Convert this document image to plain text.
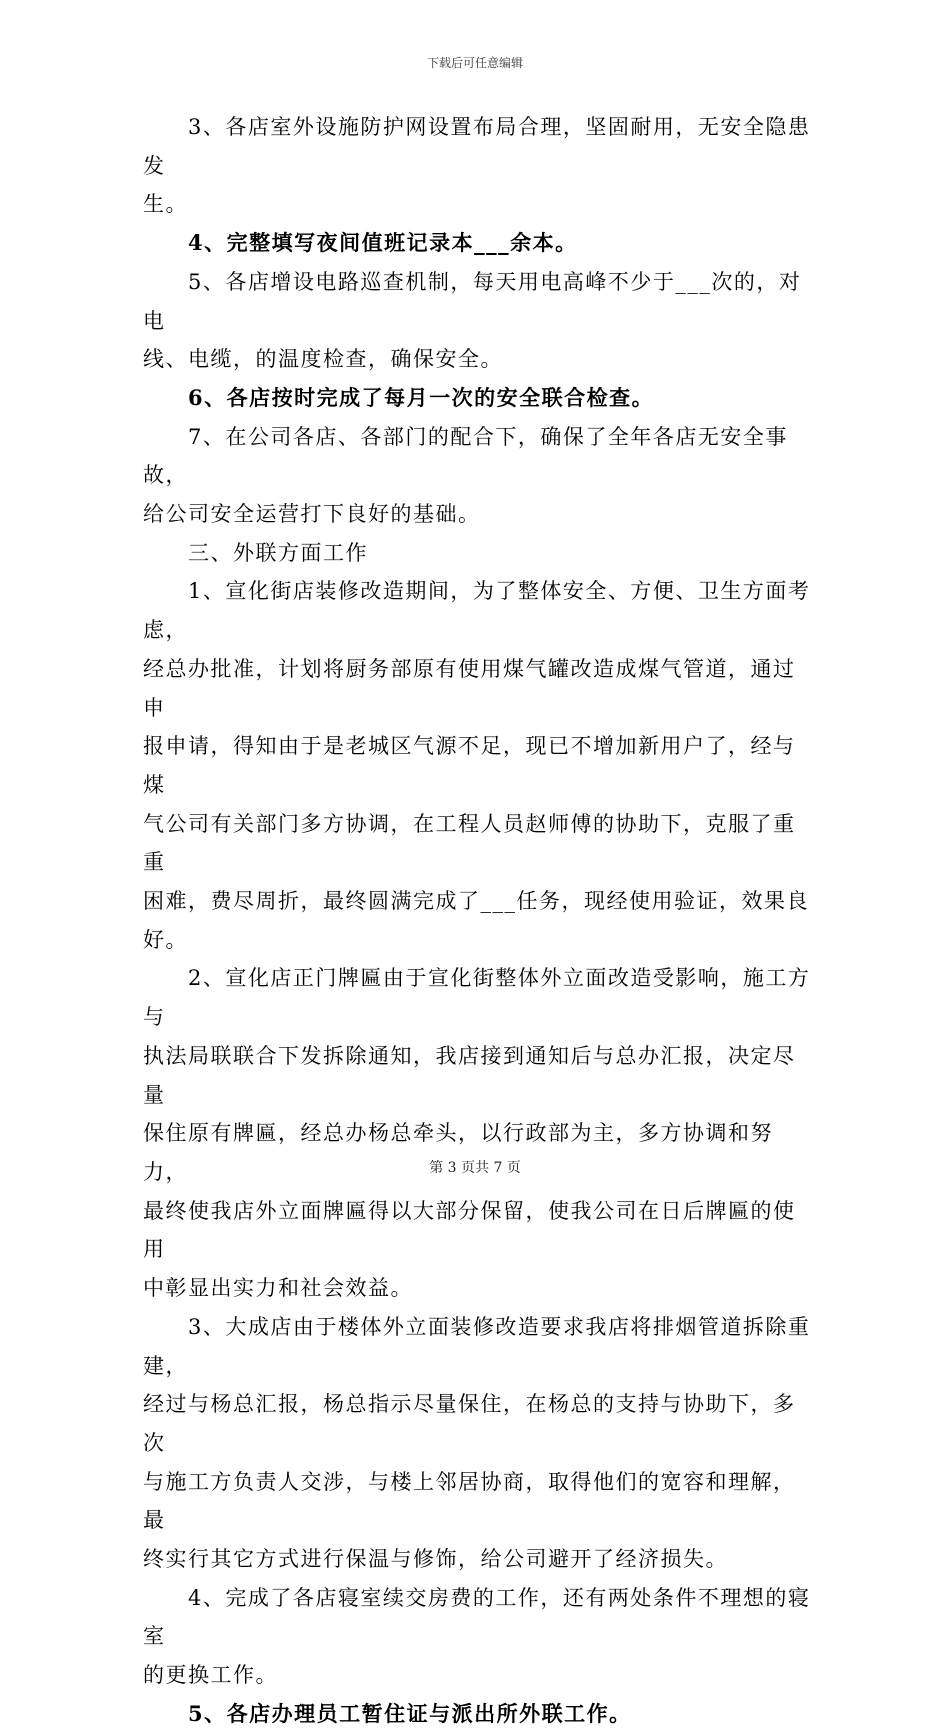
下载后可任意编辑
3、各店室外设施防护网设置布局合理，坚固耐用，无安全隐患发
生。
4、完整填写夜间值班记录本___余本。
5、各店增设电路巡查机制，每天用电高峰不少于___次的，对电
线、电缆，的温度检查，确保安全。
6、各店按时完成了每月一次的安全联合检查。
7、在公司各店、各部门的配合下，确保了全年各店无安全事故，
给公司安全运营打下良好的基础。
三、外联方面工作
1、宣化街店装修改造期间，为了整体安全、方便、卫生方面考虑，
经总办批准，计划将厨务部原有使用煤气罐改造成煤气管道，通过申
报申请，得知由于是老城区气源不足，现已不增加新用户了，经与煤
气公司有关部门多方协调，在工程人员赵师傅的协助下，克服了重重
困难，费尽周折，最终圆满完成了___任务，现经使用验证，效果良好。
2、宣化店正门牌匾由于宣化街整体外立面改造受影响，施工方与
执法局联联合下发拆除通知，我店接到通知后与总办汇报，决定尽量
保住原有牌匾，经总办杨总牵头，以行政部为主，多方协调和努力，
最终使我店外立面牌匾得以大部分保留，使我公司在日后牌匾的使用
中彰显出实力和社会效益。
3、大成店由于楼体外立面装修改造要求我店将排烟管道拆除重建，
经过与杨总汇报，杨总指示尽量保住，在杨总的支持与协助下，多次
与施工方负责人交涉，与楼上邻居协商，取得他们的宽容和理解，最
终实行其它方式进行保温与修饰，给公司避开了经济损失。
4、完成了各店寝室续交房费的工作，还有两处条件不理想的寝室
的更换工作。
5、各店办理员工暂住证与派出所外联工作。
第 3 页共 7 页
